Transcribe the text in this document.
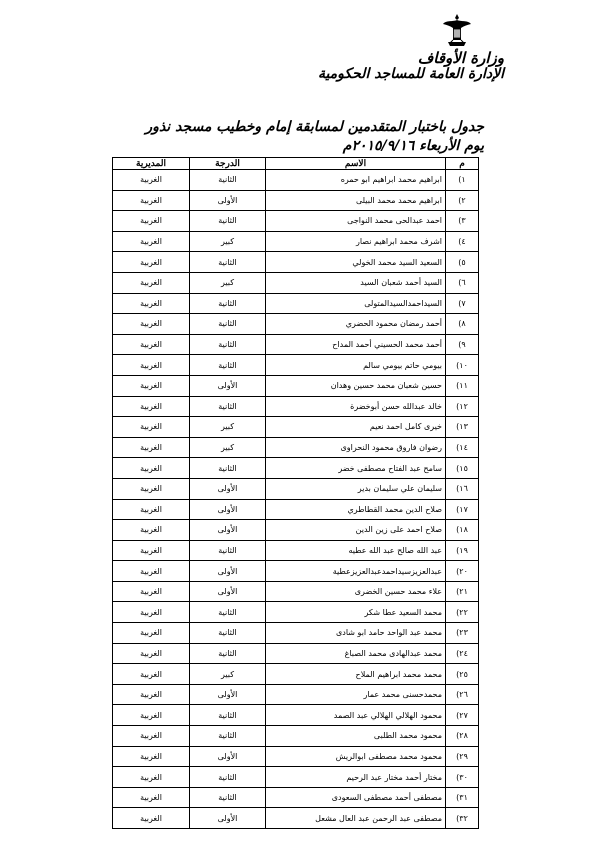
وزارة الأوقاف
الإدارة العامة للمساجد الحكومية
جدول باختبار المتقدمين لمسابقة إمام وخطيب مسجد نذور
يوم الأربعاء ٢٠١٥/٩/١٦م
م	الاسم	الدرجة	المديرية
١)	ابراهيم محمد ابراهيم ابو حمره	الثانية	الغربية
٢)	ابراهيم محمد محمد البيلى	الأولى	الغربية
٣)	احمد عبدالحى محمد النواجى	الثانية	الغربية
٤)	اشرف محمد ابراهيم نصار	كبير	الغربية
٥)	السعيد السيد محمد الخولي	الثانية	الغربية
٦)	السيد أحمد شعبان السيد	كبير	الغربية
٧)	السيداحمدالسيدالمتولى	الثانية	الغربية
٨)	أحمد رمضان محمود الحضري	الثانية	الغربية
٩)	أحمد محمد الحسيني أحمد المداح	الثانية	الغربية
١٠)	بيومي حاتم بيومي سالم	الثانية	الغربية
١١)	حسين شعبان محمد حسين وهدان	الأولى	الغربية
١٢)	خالد عبدالله حسن أبوخضرة	الثانية	الغربية
١٣)	خيرى كامل احمد نعيم	كبير	الغربية
١٤)	رضوان فاروق محمود النحراوى	كبير	الغربية
١٥)	سامح عبد الفتاح مصطفى خضر	الثانية	الغربية
١٦)	سليمان علي سليمان بدير	الأولى	الغربية
١٧)	صلاح الدين محمد القطاطري	الأولى	الغربية
١٨)	صلاح احمد على زين الدين	الأولى	الغربية
١٩)	عبد الله صالح عبد الله عطيه	الثانية	الغربية
٢٠)	عبدالعزيزسيداحمدعبدالعزيزعطية	الأولى	الغربية
٢١)	علاء محمد حسين الخضرى	الأولى	الغربية
٢٢)	محمد السعيد عطا شكر	الثانية	الغربية
٢٣)	محمد عبد الواحد حامد ابو شادى	الثانية	الغربية
٢٤)	محمد عبدالهادى محمد الصباغ	الثانية	الغربية
٢٥)	محمد محمد ابراهيم الملاح	كبير	الغربية
٢٦)	محمدحسنى محمد عمار	الأولى	الغربية
٢٧)	محمود الهلالي الهلالي عبد الصمد	الثانية	الغربية
٢٨)	محمود محمد الطلبى	الثانية	الغربية
٢٩)	محمود محمد مصطفى ابوالريش	الأولى	الغربية
٣٠)	مختار أحمد مختار عبد الرحيم	الثانية	الغربية
٣١)	مصطفى أحمد مصطفى السعودى	الثانية	الغربية
٣٢)	مصطفى عبد الرحمن عبد العال مشعل	الأولى	الغربية
